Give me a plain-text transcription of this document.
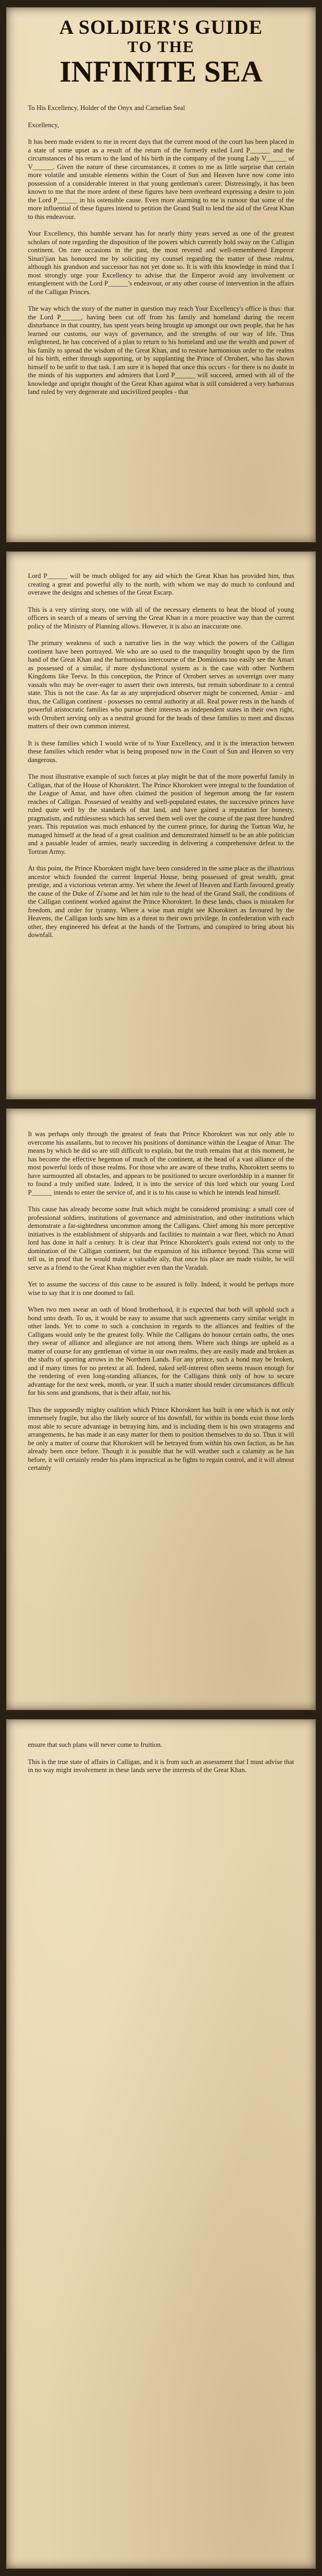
A SOLDIER'S GUIDE
TO THE
INFINITE SEA

To His Excellency, Holder of the Onyx and Carnelian Seal

Excellency,

It has been made evident to me in recent days that the current mood of the court has been placed in a state of some upset as a result of the return of the formerly exiled Lord P______ and the circumstances of his return to the land of his birth in the company of the young Lady V______ of V______. Given the nature of these circumstances, it comes to me as little surprise that certain more volatile and unstable elements within the Court of Sun and Heaven have now come into possession of a considerable interest in that young gentleman's career. Distressingly, it has been known to me that the more ardent of these figures have been overheard expressing a desire to join the Lord P______ in his ostensible cause. Even more alarming to me is rumour that some of the more influential of these figures intend to petition the Grand Stall to lend the aid of the Great Khan to this endeavour.

Your Excellency, this humble servant has for nearly thirty years served as one of the greatest scholars of note regarding the disposition of the powers which currently hold sway on the Calligan continent. On rare occasions in the past, the most revered and well-remembered Emperor Sinari'jian has honoured me by soliciting my counsel regarding the matter of these realms, although his grandson and successor has not yet done so. It is with this knowledge in mind that I most strongly urge your Excellency to advise that the Emperor avoid any involvement or entanglement with the Lord P______'s endeavour, or any other course of intervention in the affairs of the Calligan Princes.

The way which the story of the matter in question may reach Your Excellency's office is thus: that the Lord P______, having been cut off from his family and homeland during the recent disturbance in that country, has spent years being brought up amongst our own people, that he has learned our customs, our ways of governance, and the strengths of our way of life. Thus enlightened, he has conceived of a plan to return to his homeland and use the wealth and power of his family to spread the wisdom of the Great Khan, and to restore harmonious order to the realms of his birth, either through supporting, or by supplanting the Prince of Orrobert, who has shown himself to be unfit to that task. I am sure it is hoped that once this occurs - for there is no doubt in the minds of his supporters and admirers that Lord P______ will succeed, armed with all of the knowledge and upright thought of the Great Khan against what is still considered a very barbarous land ruled by very degenerate and uncivilized peoples - that

Lord P______ will be much obliged for any aid which the Great Khan has provided him, thus creating a great and powerful ally to the north, with whom we may do much to confound and overawe the designs and schemes of the Great Escarp.

This is a very stirring story, one with all of the necessary elements to heat the blood of young officers in search of a means of serving the Great Khan in a more proactive way than the current policy of the Ministry of Planning allows. However, it is also an inaccurate one.

The primary weakness of such a narrative lies in the way which the powers of the Calligan continent have been portrayed. We who are so used to the tranquility brought upon by the firm hand of the Great Khan and the harmonious intercourse of the Dominions too easily see the Amari as possessed of a similar, if more dysfunctional system as is the case with other Northern Kingdoms like Teeva. In this conception, the Prince of Orrobert serves as sovereign over many vassals who may be over-eager to assert their own interests, but remain subordinate to a central state. This is not the case. As far as any unprejudiced observer might be concerned, Amiar - and thus, the Calligan continent - possesses no central authority at all. Real power rests in the hands of powerful aristocratic families who pursue their interests as independent states in their own right, with Orrobert serving only as a neutral ground for the heads of these families to meet and discuss matters of their own common interest.

It is these families which I would write of to Your Excellency, and it is the interaction between these families which render what is being proposed now in the Court of Sun and Heaven so very dangerous.

The most illustrative example of such forces at play might be that of the more powerful family in Calligan, that of the House of Khoroktert. The Prince Khoroktert were integral to the foundation of the League of Amar, and have often claimed the position of hegemon among the far eastern reaches of Calligan. Possessed of wealthy and well-populated estates, the successive princes have ruled quite well by the standards of that land, and have gained a reputation for honesty, pragmatism, and ruthlessness which has served them well over the course of the past three hundred years. This reputation was much enhanced by the current prince, for during the Tortran War, he managed himself at the head of a great coalition and demonstrated himself to be an able politician and a passable leader of armies, nearly succeeding in delivering a comprehensive defeat to the Tortran Army.

At this point, the Prince Khoroktert might have been considered in the same place as the illustrious ancestor which founded the current Imperial House, being possessed of great wealth, great prestige, and a victorious veteran army. Yet where the Jewel of Heaven and Earth favoured greatly the cause of the Duke of Zi'some and let him rule to the head of the Grand Stall, the conditions of the Calligan continent worked against the Prince Khoroktert. In these lands, chaos is mistaken for freedom, and order for tyranny. Where a wise man might see Khoroktert as favoured by the Heavens, the Calligan lords saw him as a threat to their own privilege. In confederation with each other, they engineered his defeat at the hands of the Tortrans, and conspired to bring about his downfall.

It was perhaps only through the greatest of feats that Prince Khoroktert was not only able to overcome his assailants, but to recover his positions of dominance within the League of Amar. The means by which he did so are still difficult to explain, but the truth remains that at this moment, he has become the effective hegemon of much of the continent, at the head of a vast alliance of the most powerful lords of those realms. For those who are aware of these truths, Khoroktert seems to have surmounted all obstacles, and appears to be positioned to secure overlordship in a manner fit to found a truly unified state. Indeed, it is into the service of this lord which our young Lord P______ intends to enter the service of, and it is to his cause to which he intends lead himself.

This cause has already become some fruit which might be considered promising: a small core of professional soldiers, institutions of governance and administration, and other institutions which demonstrate a far-sightedness uncommon among the Calligans. Chief among his more perceptive initiatives is the establishment of shipyards and facilities to maintain a war fleet, which no Amari lord has done in half a century. It is clear that Prince Khoroktert's goals extend not only to the domination of the Calligan continent, but the expansion of his influence beyond. This scene will tell us, in proof that he would make a valuable ally, that once his place are made visible, he will serve as a friend to the Great Khan mightier even than the Varadah.

Yet to assume the success of this cause to be assured is folly. Indeed, it would be perhaps more wise to say that it is one doomed to fail.

When two men swear an oath of blood brotherhood, it is expected that both will uphold such a bond unto death. To us, it would be easy to assume that such agreements carry similar weight in other lands. Yet to come to such a conclusion in regards to the alliances and fealties of the Calligans would only be the greatest folly. While the Calligans do honour certain oaths, the ones they swear of alliance and allegiance are not among them. Where such things are upheld as a matter of course for any gentleman of virtue in our own realms, they are easily made and broken as the shafts of sporting arrows in the Northern Lands. For any prince, such a bond may be broken, and if many times for no pretext at all. Indeed, naked self-interest often seems reason enough for the rendering of even long-standing alliances, for the Calligans think only of how to secure advantage for the next week, month, or year. If such a matter should render circumstances difficult for his sons and grandsons, that is their affair, not his.

Thus the supposedly mighty coalition which Prince Khoroktert has built is one which is not only immensely fragile, but also the likely source of his downfall, for within its bonds exist those lords most able to secure advantage in betraying him, and is including them is his own stratagems and arrangements, he has made it an easy matter for them to position themselves to do so. Thus it will be only a matter of course that Khoroktert will be betrayed from within his own faction, as he has already been once before. Though it is possible that he will weather such a calamity as he has before, it will certainly render his plans impractical as he fights to regain control, and it will almost certainly

ensure that such plans will never come to fruition.

This is the true state of affairs in Calligan, and it is from such an assessment that I must advise that in no way might involvement in these lands serve the interests of the Great Khan.
